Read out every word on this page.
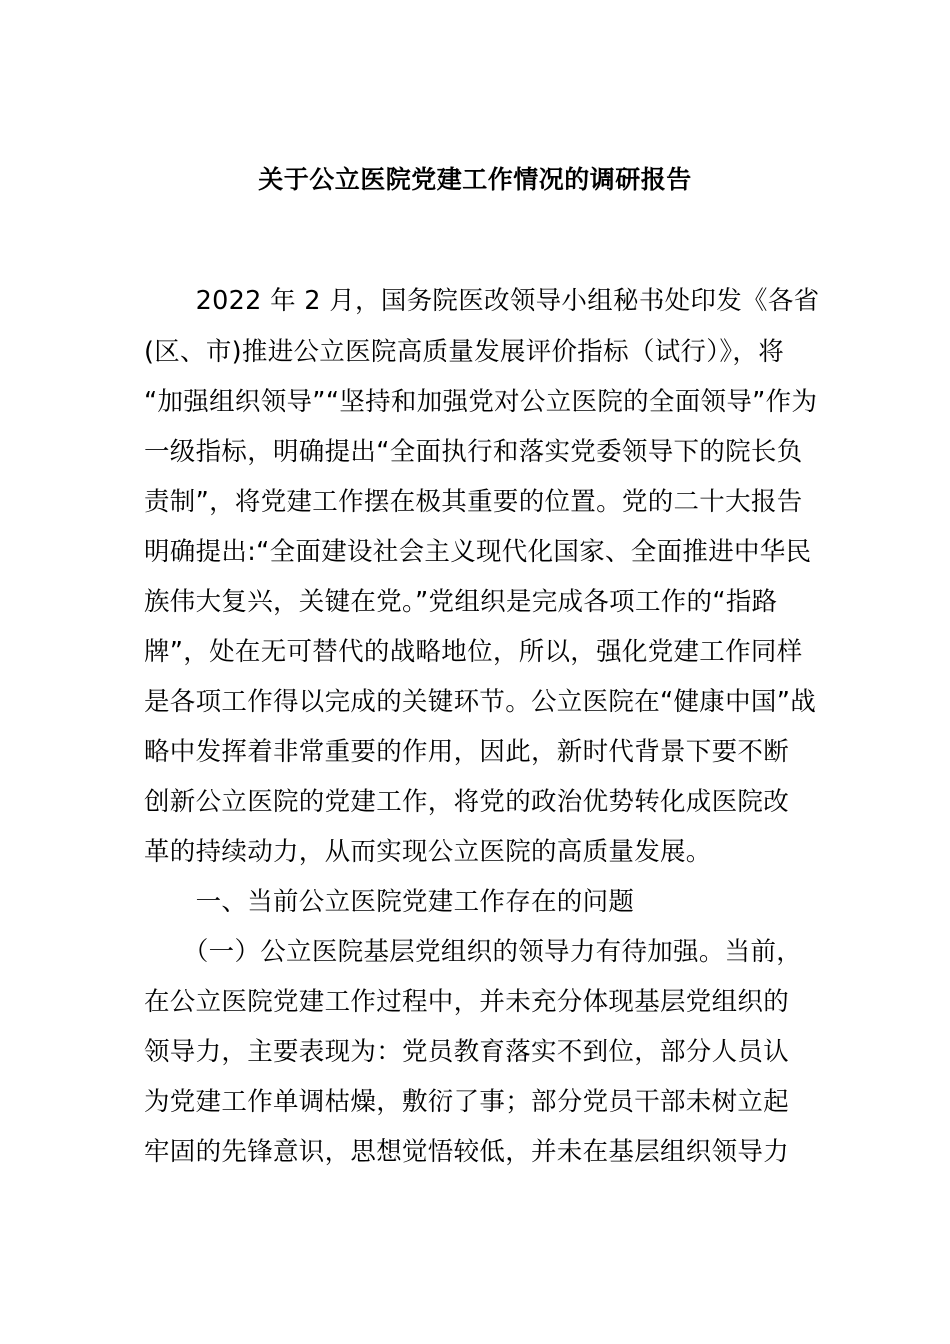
关于公立医院党建工作情况的调研报告
　　2022 年 2 月，国务院医改领导小组秘书处印发《各省
(区、市)推进公立医院高质量发展评价指标（试行）》，将
“加强组织领导”“坚持和加强党对公立医院的全面领导”作为
一级指标，明确提出“全面执行和落实党委领导下的院长负
责制”，将党建工作摆在极其重要的位置。党的二十大报告
明确提出:“全面建设社会主义现代化国家、全面推进中华民
族伟大复兴，关键在党。”党组织是完成各项工作的“指路
牌”，处在无可替代的战略地位，所以，强化党建工作同样
是各项工作得以完成的关键环节。公立医院在“健康中国”战
略中发挥着非常重要的作用，因此，新时代背景下要不断
创新公立医院的党建工作，将党的政治优势转化成医院改
革的持续动力，从而实现公立医院的高质量发展。
　　一、当前公立医院党建工作存在的问题
　　（一）公立医院基层党组织的领导力有待加强。当前，
在公立医院党建工作过程中，并未充分体现基层党组织的
领导力，主要表现为：党员教育落实不到位，部分人员认
为党建工作单调枯燥，敷衍了事；部分党员干部未树立起
牢固的先锋意识，思想觉悟较低，并未在基层组织领导力
